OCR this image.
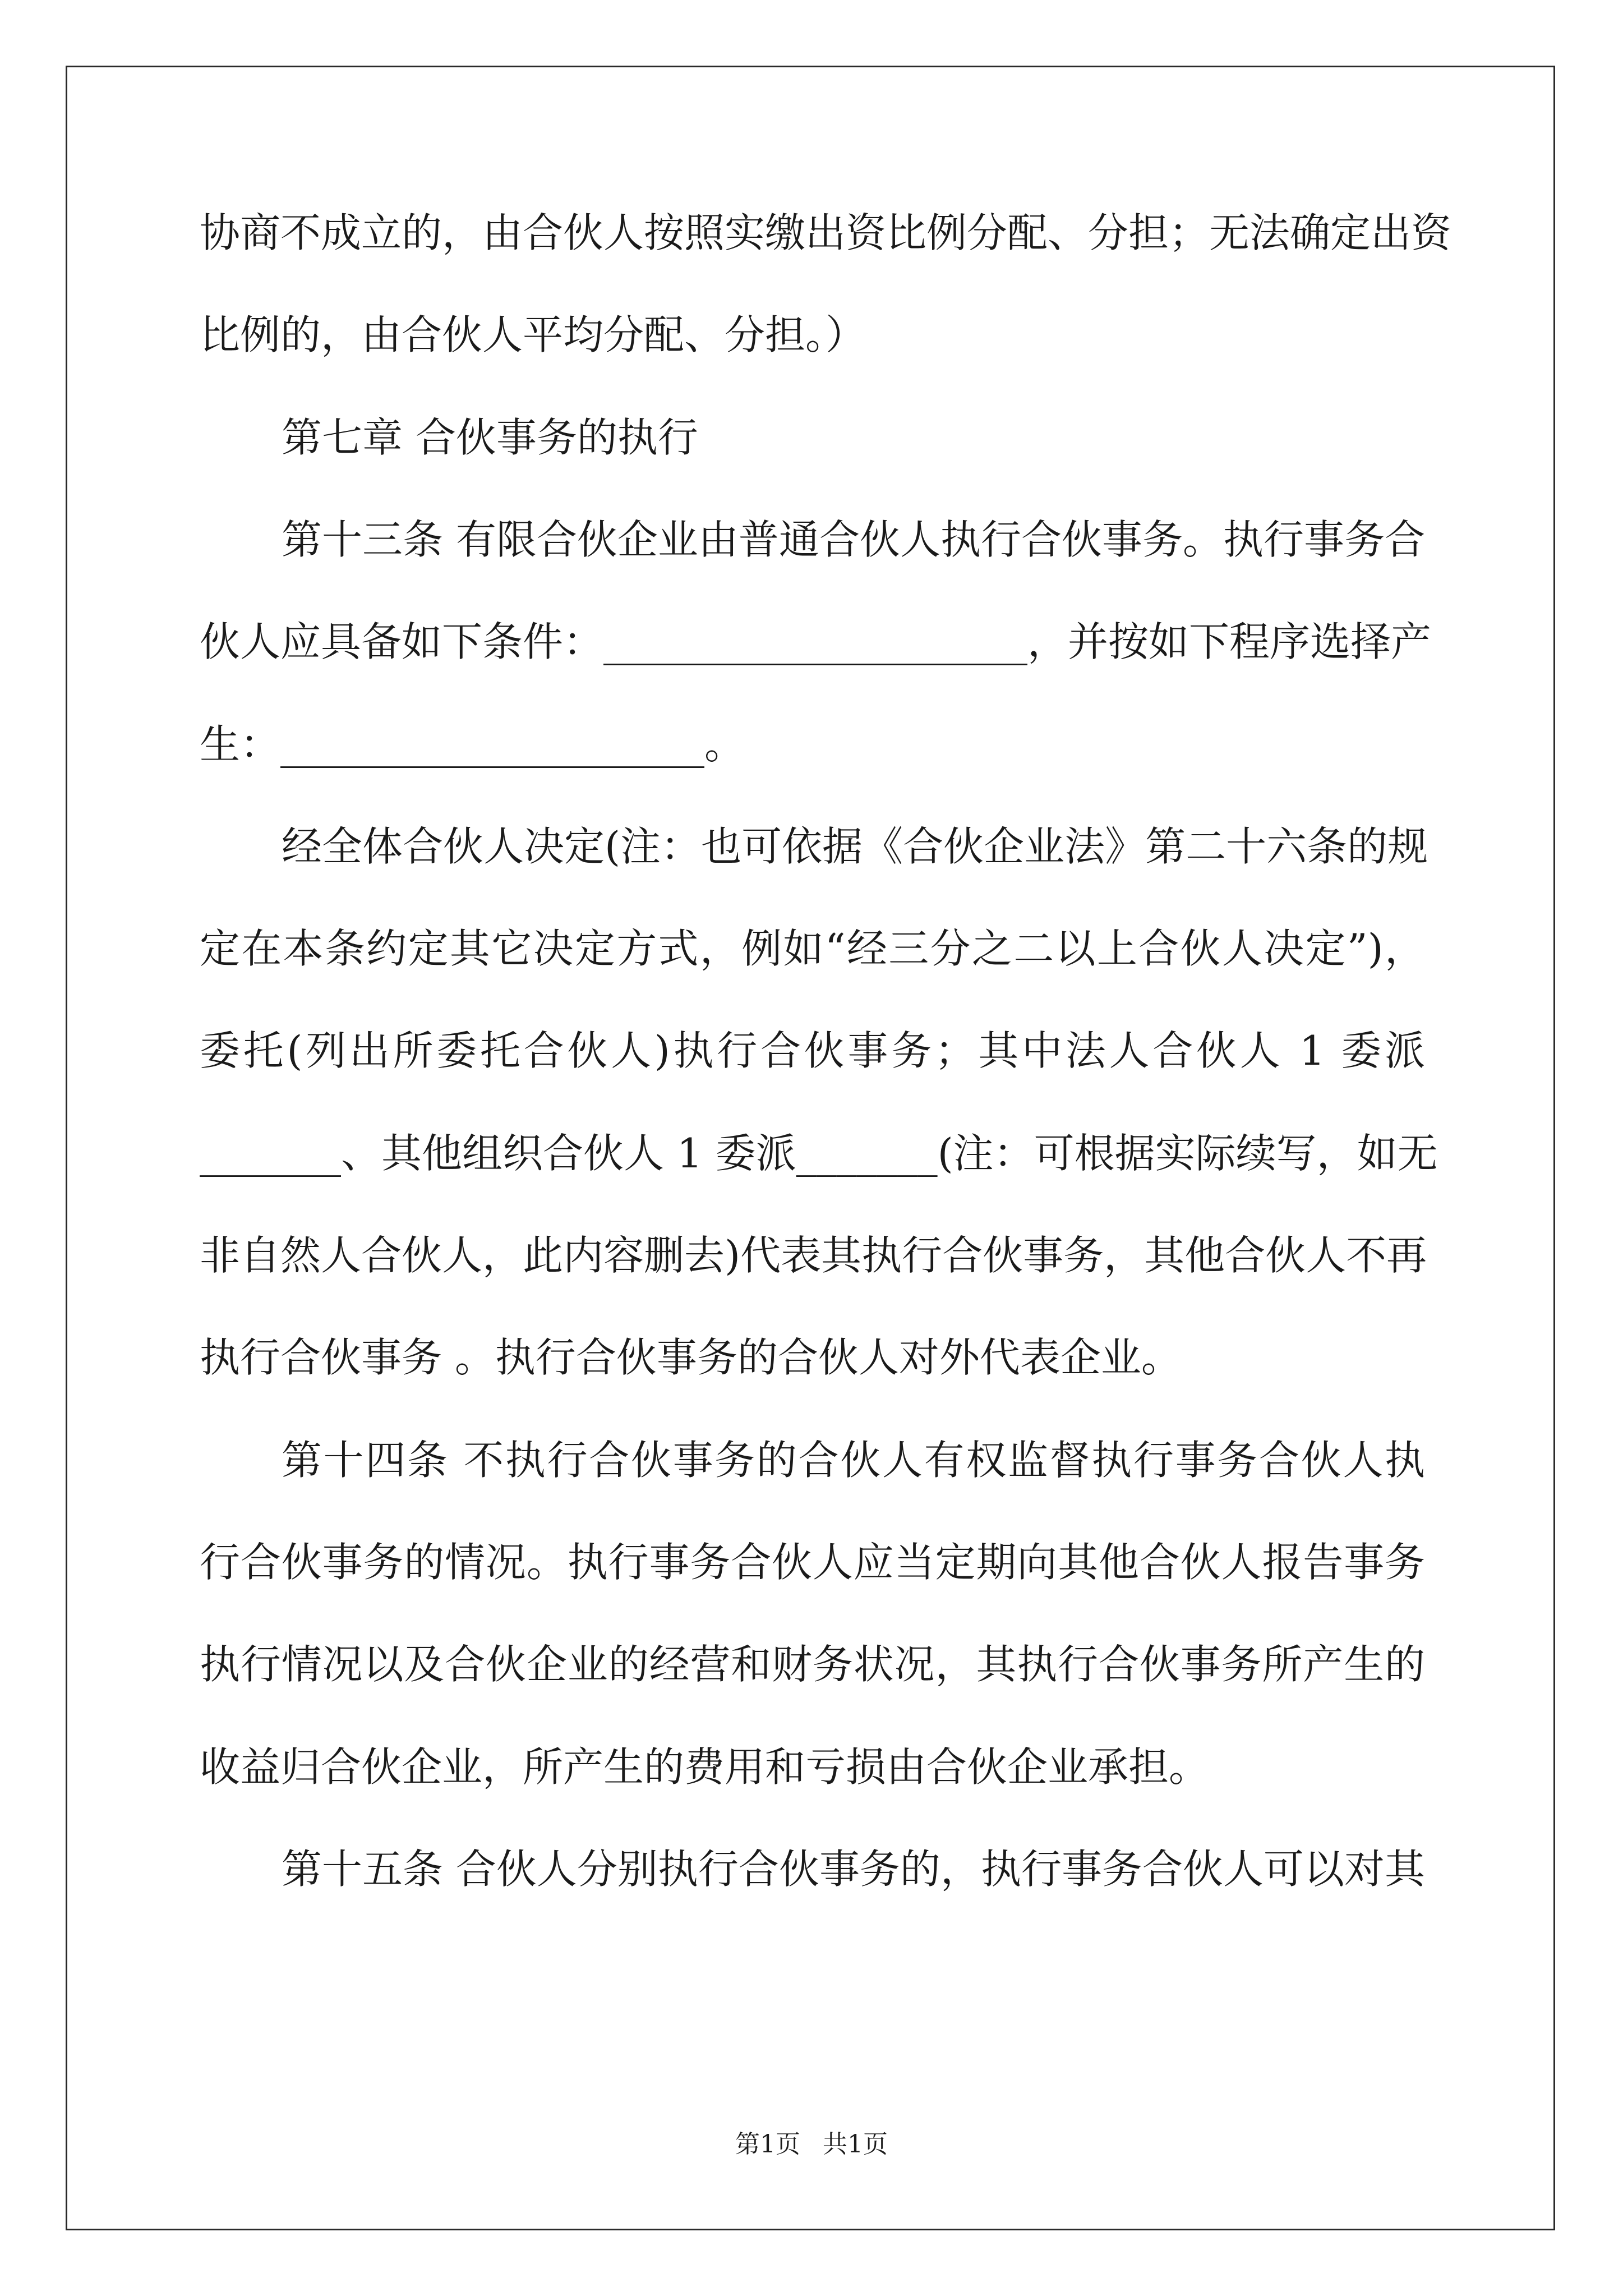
协商不成立的，由合伙人按照实缴出资比例分配、分担；无法确定出资
比例的，由合伙人平均分配、分担。）
第七章 合伙事务的执行
第十三条 有限合伙企业由普通合伙人执行合伙事务。执行事务合
伙人应具备如下条件：_____________________，并按如下程序选择产
生：_____________________。
经全体合伙人决定(注：也可依据《合伙企业法》第二十六条的规
定在本条约定其它决定方式，例如“经三分之二以上合伙人决定”)，
委托(列出所委托合伙人)执行合伙事务；其中法人合伙人 1 委派
_______、其他组织合伙人 1 委派_______(注：可根据实际续写，如无
非自然人合伙人，此内容删去)代表其执行合伙事务，其他合伙人不再
执行合伙事务 。执行合伙事务的合伙人对外代表企业。
第十四条 不执行合伙事务的合伙人有权监督执行事务合伙人执
行合伙事务的情况。执行事务合伙人应当定期向其他合伙人报告事务
执行情况以及合伙企业的经营和财务状况，其执行合伙事务所产生的
收益归合伙企业，所产生的费用和亏损由合伙企业承担。
第十五条 合伙人分别执行合伙事务的，执行事务合伙人可以对其
第1页 共1页
